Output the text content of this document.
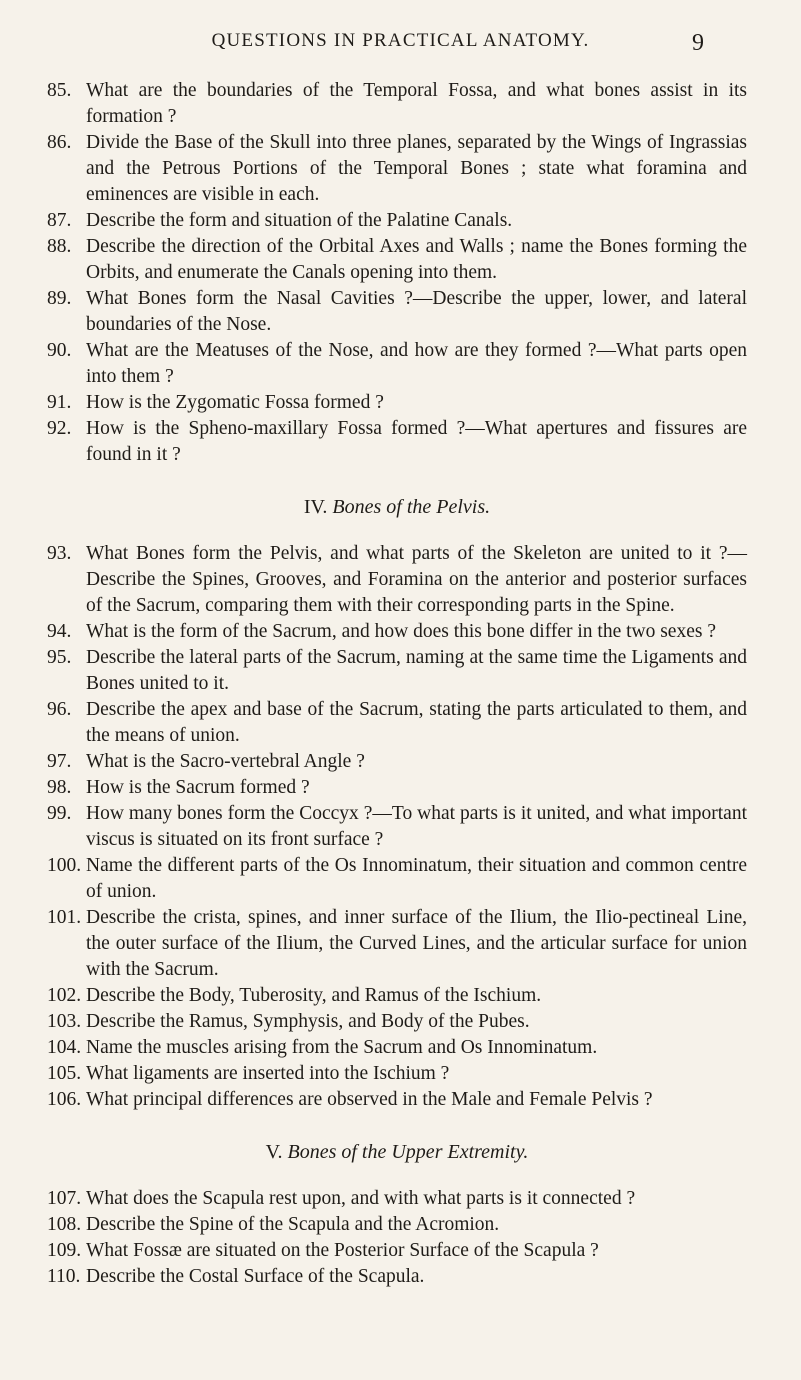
QUESTIONS IN PRACTICAL ANATOMY.	9
85. What are the boundaries of the Temporal Fossa, and what bones assist in its formation ?
86. Divide the Base of the Skull into three planes, separated by the Wings of Ingrassias and the Petrous Portions of the Temporal Bones ; state what foramina and eminences are visible in each.
87. Describe the form and situation of the Palatine Canals.
88. Describe the direction of the Orbital Axes and Walls ; name the Bones forming the Orbits, and enumerate the Canals opening into them.
89. What Bones form the Nasal Cavities ?—Describe the upper, lower, and lateral boundaries of the Nose.
90. What are the Meatuses of the Nose, and how are they formed ?—What parts open into them ?
91. How is the Zygomatic Fossa formed ?
92. How is the Spheno-maxillary Fossa formed ?—What apertures and fissures are found in it ?
IV. Bones of the Pelvis.
93. What Bones form the Pelvis, and what parts of the Skeleton are united to it ?—Describe the Spines, Grooves, and Foramina on the anterior and posterior surfaces of the Sacrum, comparing them with their corresponding parts in the Spine.
94. What is the form of the Sacrum, and how does this bone differ in the two sexes ?
95. Describe the lateral parts of the Sacrum, naming at the same time the Ligaments and Bones united to it.
96. Describe the apex and base of the Sacrum, stating the parts articulated to them, and the means of union.
97. What is the Sacro-vertebral Angle ?
98. How is the Sacrum formed ?
99. How many bones form the Coccyx ?—To what parts is it united, and what important viscus is situated on its front surface ?
100. Name the different parts of the Os Innominatum, their situation and common centre of union.
101. Describe the crista, spines, and inner surface of the Ilium, the Ilio-pectineal Line, the outer surface of the Ilium, the Curved Lines, and the articular surface for union with the Sacrum.
102. Describe the Body, Tuberosity, and Ramus of the Ischium.
103. Describe the Ramus, Symphysis, and Body of the Pubes.
104. Name the muscles arising from the Sacrum and Os Innominatum.
105. What ligaments are inserted into the Ischium ?
106. What principal differences are observed in the Male and Female Pelvis ?
V. Bones of the Upper Extremity.
107. What does the Scapula rest upon, and with what parts is it connected ?
108. Describe the Spine of the Scapula and the Acromion.
109. What Fossæ are situated on the Posterior Surface of the Scapula ?
110. Describe the Costal Surface of the Scapula.
